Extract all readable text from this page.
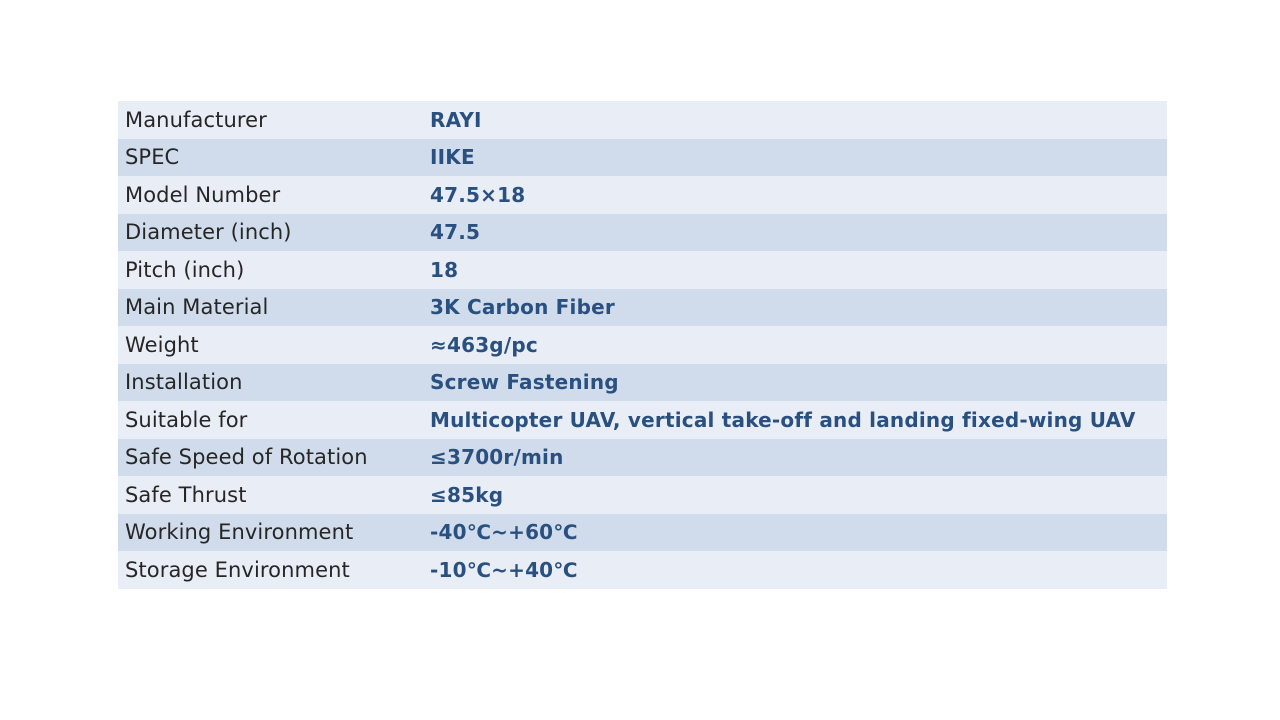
Manufacturer	RAYI
SPEC	IIKE
Model Number	47.5×18
Diameter (inch)	47.5
Pitch (inch)	18
Main Material	3K Carbon Fiber
Weight	≈463g/pc
Installation	Screw Fastening
Suitable for	Multicopter UAV, vertical take-off and landing fixed-wing UAV
Safe Speed of Rotation	≤3700r/min
Safe Thrust	≤85kg
Working Environment	-40℃~+60℃
Storage Environment	-10℃~+40℃
